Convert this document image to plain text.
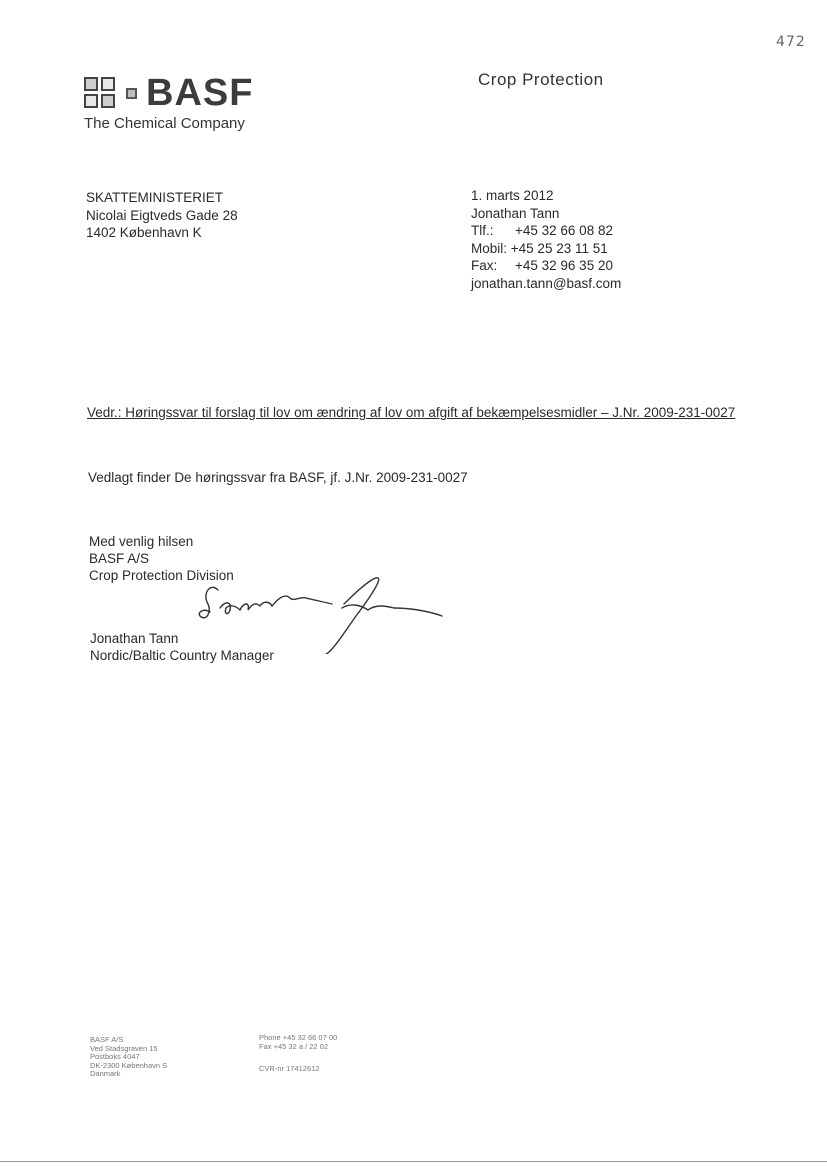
472
BASF
The Chemical Company
Crop Protection
SKATTEMINISTERIET
Nicolai Eigtveds Gade 28
1402 København K
1. marts 2012
Jonathan Tann
Tlf.:	+45 32 66 08 82
Mobil:
+45 25 23 11 51
Fax:	+45 32 96 35 20
jonathan.tann@basf.com
Vedr.: Høringssvar til forslag til lov om ændring af lov om afgift af bekæmpelsesmidler – J.Nr. 2009-231-0027
Vedlagt finder De høringssvar fra BASF, jf. J.Nr. 2009-231-0027
Med venlig hilsen
BASF A/S
Crop Protection Division
Jonathan Tann
Nordic/Baltic Country Manager
BASF A/S
Ved Stadsgraven 15
Postboks 4047
DK-2300 København S
Danmark
Phone +45 32 66 07 00
Fax +45 32 a / 22 02
CVR-nr 17412612
